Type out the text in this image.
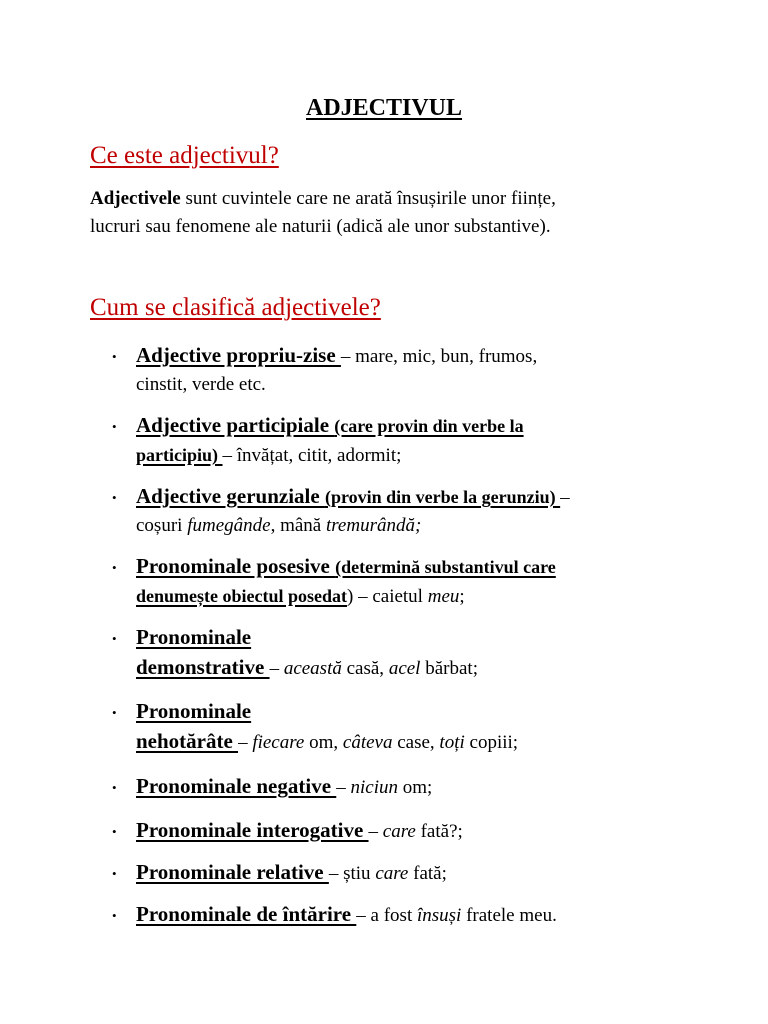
ADJECTIVUL
Ce este adjectivul?
Adjectivele sunt cuvintele care ne arată însușirile unor ființe,
lucruri sau fenomene ale naturii (adică ale unor substantive).
Cum se clasifică adjectivele?
• Adjective propriu-zise – mare, mic, bun, frumos,
cinstit, verde etc.
• Adjective participiale (care provin din verbe la
participiu) – învățat, citit, adormit;
• Adjective gerunziale (provin din verbe la gerunziu) –
coșuri fumegânde, mână tremurândă;
• Pronominale posesive (determină substantivul care
denumește obiectul posedat) – caietul meu;
• Pronominale
demonstrative – această casă, acel bărbat;
• Pronominale
nehotărâte – fiecare om, câteva case, toți copiii;
• Pronominale negative – niciun om;
• Pronominale interogative – care fată?;
• Pronominale relative – știu care fată;
• Pronominale de întărire – a fost însuși fratele meu.
